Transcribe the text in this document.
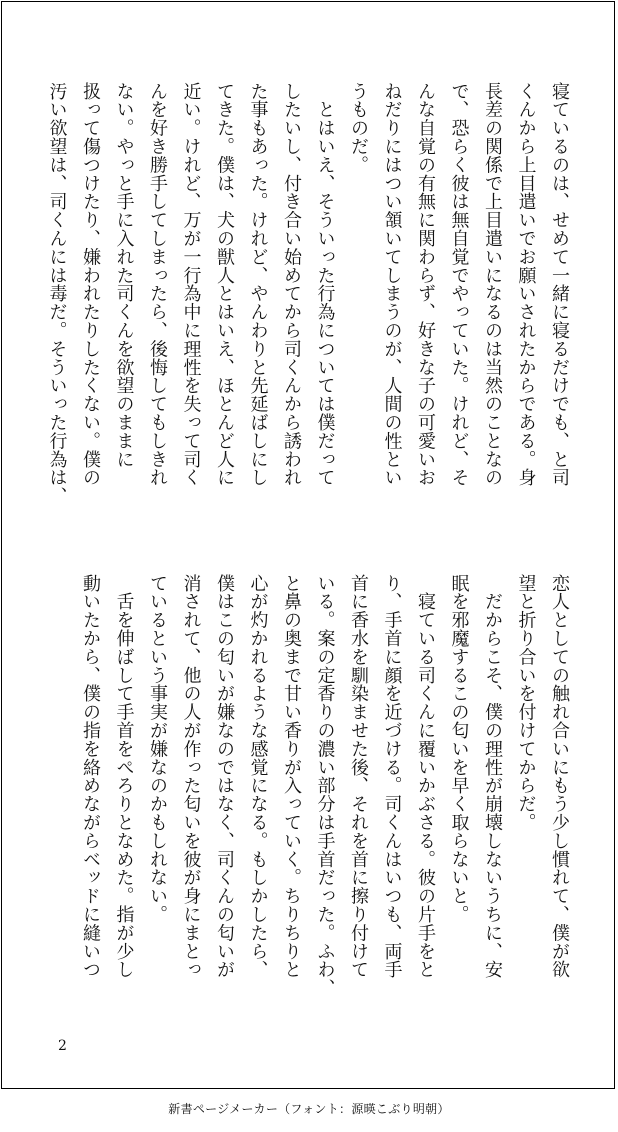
寝ているのは、せめて一緒に寝るだけでも、と司
くんから上目遣いでお願いされたからである。身
長差の関係で上目遣いになるのは当然のことなの
で、恐らく彼は無自覚でやっていた。けれど、そ
んな自覚の有無に関わらず、好きな子の可愛いお
ねだりにはつい頷いてしまうのが、人間の性とい
うものだ。
　とはいえ、そういった行為については僕だって
したいし、付き合い始めてから司くんから誘われ
た事もあった。けれど、やんわりと先延ばしにし
てきた。僕は、犬の獣人とはいえ、ほとんど人に
近い。けれど、万が一行為中に理性を失って司く
んを好き勝手してしまったら、後悔してもしきれ
ない。やっと手に入れた司くんを欲望のままに
扱って傷つけたり、嫌われたりしたくない。僕の
汚い欲望は、司くんには毒だ。そういった行為は、
恋人としての触れ合いにもう少し慣れて、僕が欲
望と折り合いを付けてからだ。
　だからこそ、僕の理性が崩壊しないうちに、安
眠を邪魔するこの匂いを早く取らないと。
　寝ている司くんに覆いかぶさる。彼の片手をと
り、手首に顔を近づける。司くんはいつも、両手
首に香水を馴染ませた後、それを首に擦り付けて
いる。案の定香りの濃い部分は手首だった。ふわ、
と鼻の奥まで甘い香りが入っていく。ちりちりと
心が灼かれるような感覚になる。もしかしたら、
僕はこの匂いが嫌なのではなく、司くんの匂いが
消されて、他の人が作った匂いを彼が身にまとっ
ているという事実が嫌なのかもしれない。
　舌を伸ばして手首をぺろりとなめた。指が少し
動いたから、僕の指を絡めながらベッドに縫いつ
2
新書ページメーカー（フォント：源暎こぶり明朝）
